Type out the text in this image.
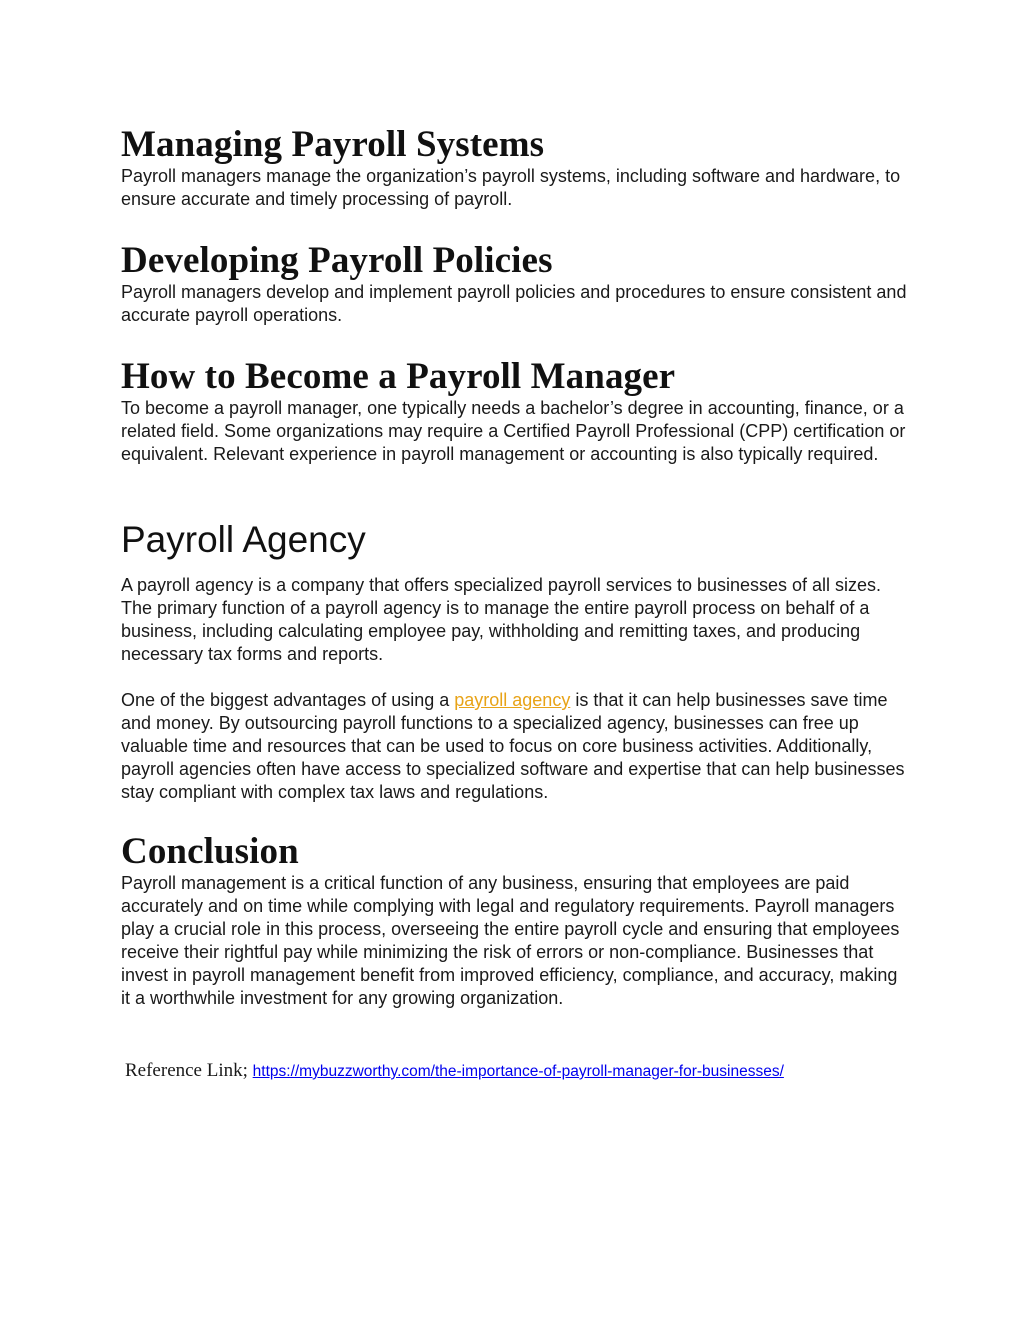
Managing Payroll Systems

Payroll managers manage the organization’s payroll systems, including software and hardware, to ensure accurate and timely processing of payroll.

Developing Payroll Policies

Payroll managers develop and implement payroll policies and procedures to ensure consistent and accurate payroll operations.

How to Become a Payroll Manager

To become a payroll manager, one typically needs a bachelor’s degree in accounting, finance, or a related field. Some organizations may require a Certified Payroll Professional (CPP) certification or equivalent. Relevant experience in payroll management or accounting is also typically required.

Payroll Agency

A payroll agency is a company that offers specialized payroll services to businesses of all sizes. The primary function of a payroll agency is to manage the entire payroll process on behalf of a business, including calculating employee pay, withholding and remitting taxes, and producing necessary tax forms and reports.

One of the biggest advantages of using a payroll agency is that it can help businesses save time and money. By outsourcing payroll functions to a specialized agency, businesses can free up valuable time and resources that can be used to focus on core business activities. Additionally, payroll agencies often have access to specialized software and expertise that can help businesses stay compliant with complex tax laws and regulations.

Conclusion

Payroll management is a critical function of any business, ensuring that employees are paid accurately and on time while complying with legal and regulatory requirements. Payroll managers play a crucial role in this process, overseeing the entire payroll cycle and ensuring that employees receive their rightful pay while minimizing the risk of errors or non-compliance. Businesses that invest in payroll management benefit from improved efficiency, compliance, and accuracy, making it a worthwhile investment for any growing organization.

Reference Link; https://mybuzzworthy.com/the-importance-of-payroll-manager-for-businesses/
